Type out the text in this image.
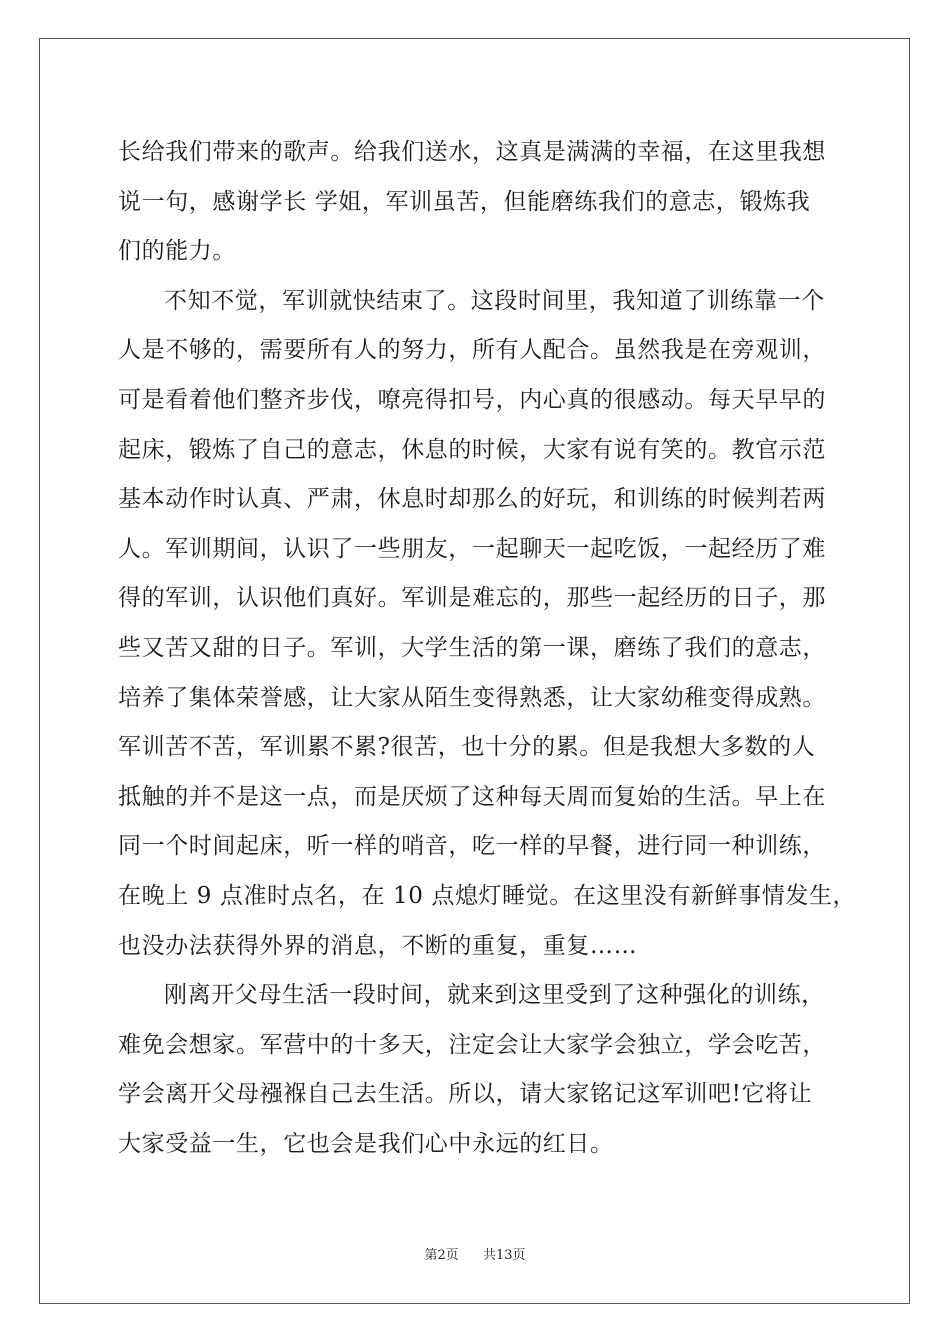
长给我们带来的歌声。给我们送水，这真是满满的幸福，在这里我想
说一句，感谢学长 学姐，军训虽苦，但能磨练我们的意志，锻炼我
们的能力。
不知不觉，军训就快结束了。这段时间里，我知道了训练靠一个
人是不够的，需要所有人的努力，所有人配合。虽然我是在旁观训，
可是看着他们整齐步伐，嘹亮得扣号，内心真的很感动。每天早早的
起床，锻炼了自己的意志，休息的时候，大家有说有笑的。教官示范
基本动作时认真、严肃，休息时却那么的好玩，和训练的时候判若两
人。军训期间，认识了一些朋友，一起聊天一起吃饭，一起经历了难
得的军训，认识他们真好。军训是难忘的，那些一起经历的日子，那
些又苦又甜的日子。军训，大学生活的第一课，磨练了我们的意志，
培养了集体荣誉感，让大家从陌生变得熟悉，让大家幼稚变得成熟。
军训苦不苦，军训累不累?很苦，也十分的累。但是我想大多数的人
抵触的并不是这一点，而是厌烦了这种每天周而复始的生活。早上在
同一个时间起床，听一样的哨音，吃一样的早餐，进行同一种训练，
在晚上 9 点准时点名，在 10 点熄灯睡觉。在这里没有新鲜事情发生，
也没办法获得外界的消息，不断的重复，重复……
刚离开父母生活一段时间，就来到这里受到了这种强化的训练，
难免会想家。军营中的十多天，注定会让大家学会独立，学会吃苦，
学会离开父母襁褓自己去生活。所以，请大家铭记这军训吧!它将让
大家受益一生，它也会是我们心中永远的红日。
第2页 共13页
